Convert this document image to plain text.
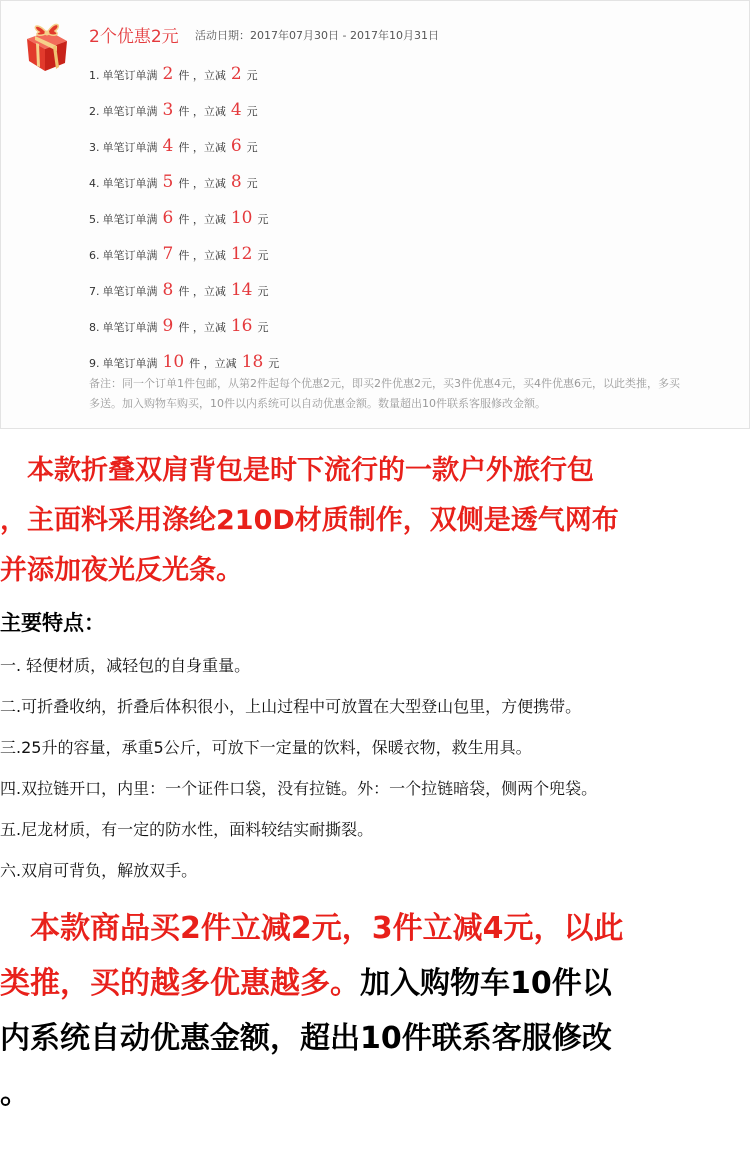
2个优惠2元 活动日期：2017年07月30日 - 2017年10月31日
1. 单笔订单满 2 件 ，立减 2 元
2. 单笔订单满 3 件 ，立减 4 元
3. 单笔订单满 4 件 ，立减 6 元
4. 单笔订单满 5 件 ，立减 8 元
5. 单笔订单满 6 件 ，立减 10 元
6. 单笔订单满 7 件 ，立减 12 元
7. 单笔订单满 8 件 ，立减 14 元
8. 单笔订单满 9 件 ，立减 16 元
9. 单笔订单满 10 件 ，立减 18 元
备注：同一个订单1件包邮，从第2件起每个优惠2元，即买2件优惠2元，买3件优惠4元，买4件优惠6元，以此类推，多买
多送。加入购物车购买，10件以内系统可以自动优惠金额。数量超出10件联系客服修改金额。
　本款折叠双肩背包是时下流行的一款户外旅行包
，主面料采用涤纶210D材质制作，双侧是透气网布
并添加夜光反光条。
主要特点：
一. 轻便材质，减轻包的自身重量。
二.可折叠收纳，折叠后体积很小，上山过程中可放置在大型登山包里，方便携带。
三.25升的容量，承重5公斤，可放下一定量的饮料，保暖衣物，救生用具。
四.双拉链开口，内里：一个证件口袋，没有拉链。外：一个拉链暗袋，侧两个兜袋。
五.尼龙材质，有一定的防水性，面料较结实耐撕裂。
六.双肩可背负，解放双手。
　本款商品买2件立减2元，3件立减4元，以此
类推，买的越多优惠越多。加入购物车10件以
内系统自动优惠金额，超出10件联系客服修改
。
